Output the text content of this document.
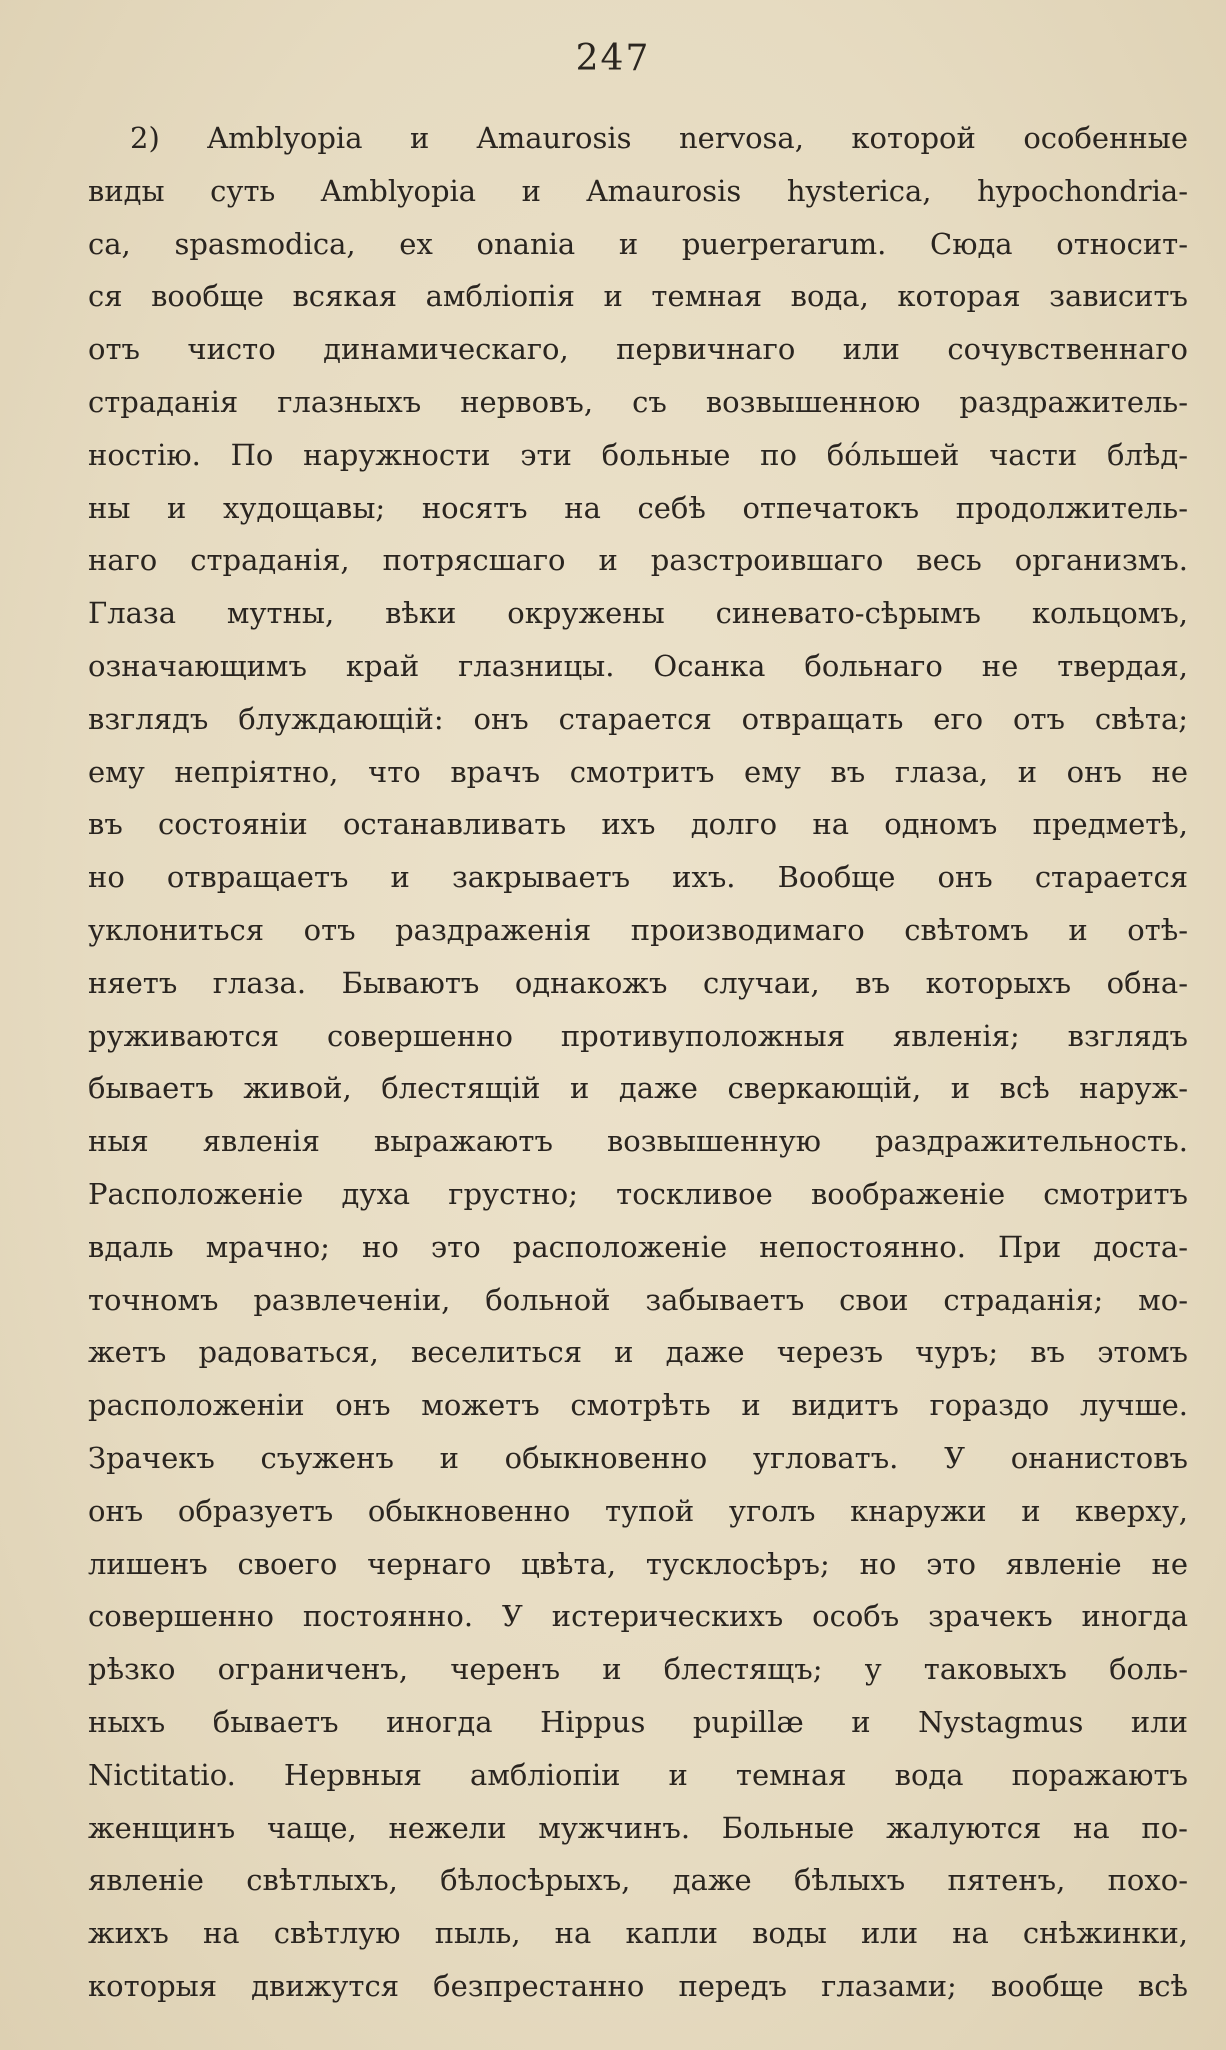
247
2) Amblyopia и Amaurosis nervosa, которой особенные
виды суть Amblyopia и Amaurosis hysterica, hypochondria-
ca, spasmodica, ex onania и puerperarum. Сюда относит-
ся вообще всякая амблiопiя и темная вода, которая зависитъ
отъ чисто динамическаго, первичнаго или сочувственнаго
страданiя глазныхъ нервовъ, съ возвышенною раздражитель-
ностiю. По наружности эти больные по бóльшей части блѣд-
ны и худощавы; носятъ на себѣ отпечатокъ продолжитель-
наго страданiя, потрясшаго и разстроившаго весь организмъ.
Глаза мутны, вѣки окружены синевато-сѣрымъ кольцомъ,
означающимъ край глазницы. Осанка больнаго не твердая,
взглядъ блуждающiй: онъ старается отвращать его отъ свѣта;
ему непрiятно, что врачъ смотритъ ему въ глаза, и онъ не
въ состоянiи останавливать ихъ долго на одномъ предметѣ,
но отвращаетъ и закрываетъ ихъ. Вообще онъ старается
уклониться отъ раздраженiя производимаго свѣтомъ и отѣ-
няетъ глаза. Бываютъ однакожъ случаи, въ которыхъ обна-
руживаются совершенно противуположныя явленiя; взглядъ
бываетъ живой, блестящiй и даже сверкающiй, и всѣ наруж-
ныя явленiя выражаютъ возвышенную раздражительность.
Расположенiе духа грустно; тоскливое воображенiе смотритъ
вдаль мрачно; но это расположенiе непостоянно. При доста-
точномъ развлеченiи, больной забываетъ свои страданiя; мо-
жетъ радоваться, веселиться и даже черезъ чуръ; въ этомъ
расположенiи онъ можетъ смотрѣть и видитъ гораздо лучше.
Зрачекъ съуженъ и обыкновенно угловатъ. У онанистовъ
онъ образуетъ обыкновенно тупой уголъ кнаружи и кверху,
лишенъ своего чернаго цвѣта, тусклосѣръ; но это явленiе не
совершенно постоянно. У истерическихъ особъ зрачекъ иногда
рѣзко ограниченъ, черенъ и блестящъ; у таковыхъ боль-
ныхъ бываетъ иногда Hippus pupillæ и Nystagmus или
Nictitatio. Нервныя амблiопiи и темная вода поражаютъ
женщинъ чаще, нежели мужчинъ. Больные жалуются на по-
явленiе свѣтлыхъ, бѣлосѣрыхъ, даже бѣлыхъ пятенъ, похо-
жихъ на свѣтлую пыль, на капли воды или на снѣжинки,
которыя движутся безпрестанно передъ глазами; вообще всѣ
